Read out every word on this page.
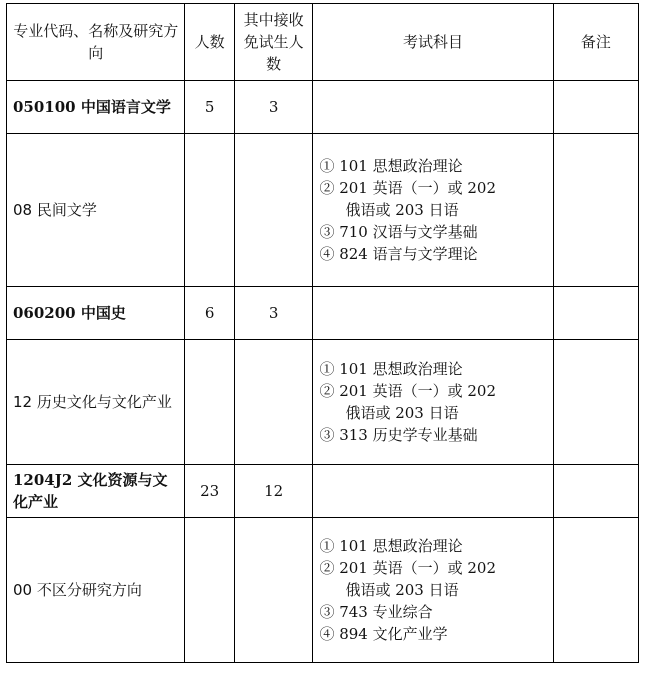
专业代码、名称及研究方向	人数	其中接收免试生人数	考试科目	备注
050100 中国语言文学	5	3		
08 民间文学			① 101 思想政治理论
② 201 英语（一）或 202
俄语或 203 日语
③ 710 汉语与文学基础
④ 824 语言与文学理论	

060200 中国史	6	3		
12 历史文化与文化产业			① 101 思想政治理论
② 201 英语（一）或 202
俄语或 203 日语
③ 313 历史学专业基础	

1204J2 文化资源与文化产业	23	12		
00 不区分研究方向			① 101 思想政治理论
② 201 英语（一）或 202
俄语或 203 日语
③ 743 专业综合
④ 894 文化产业学	
